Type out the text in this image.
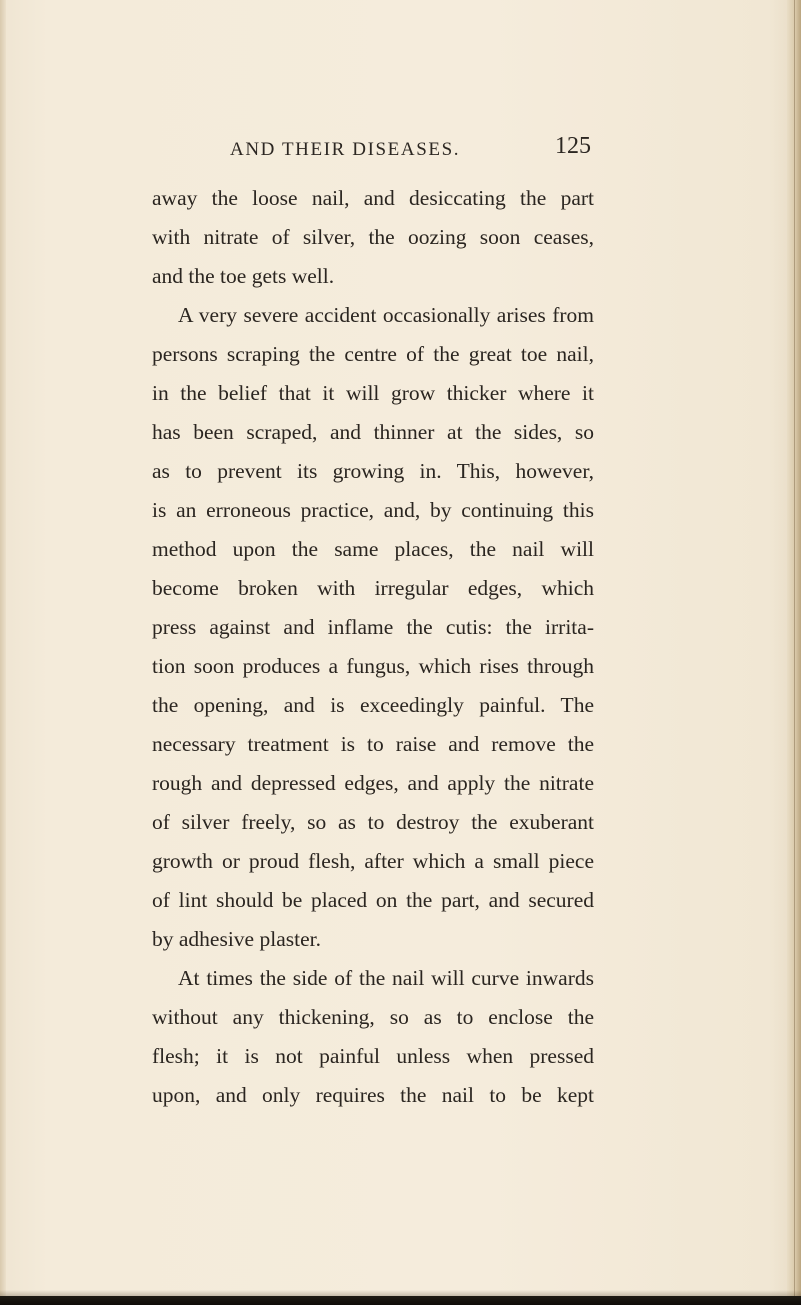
AND THEIR DISEASES.	125
away the loose nail, and desiccating the part
with nitrate of silver, the oozing soon ceases,
and the toe gets well.
A very severe accident occasionally arises from
persons scraping the centre of the great toe nail,
in the belief that it will grow thicker where it
has been scraped, and thinner at the sides, so
as to prevent its growing in. This, however,
is an erroneous practice, and, by continuing this
method upon the same places, the nail will
become broken with irregular edges, which
press against and inflame the cutis: the irrita-
tion soon produces a fungus, which rises through
the opening, and is exceedingly painful. The
necessary treatment is to raise and remove the
rough and depressed edges, and apply the nitrate
of silver freely, so as to destroy the exuberant
growth or proud flesh, after which a small piece
of lint should be placed on the part, and secured
by adhesive plaster.
At times the side of the nail will curve inwards
without any thickening, so as to enclose the
flesh; it is not painful unless when pressed
upon, and only requires the nail to be kept
